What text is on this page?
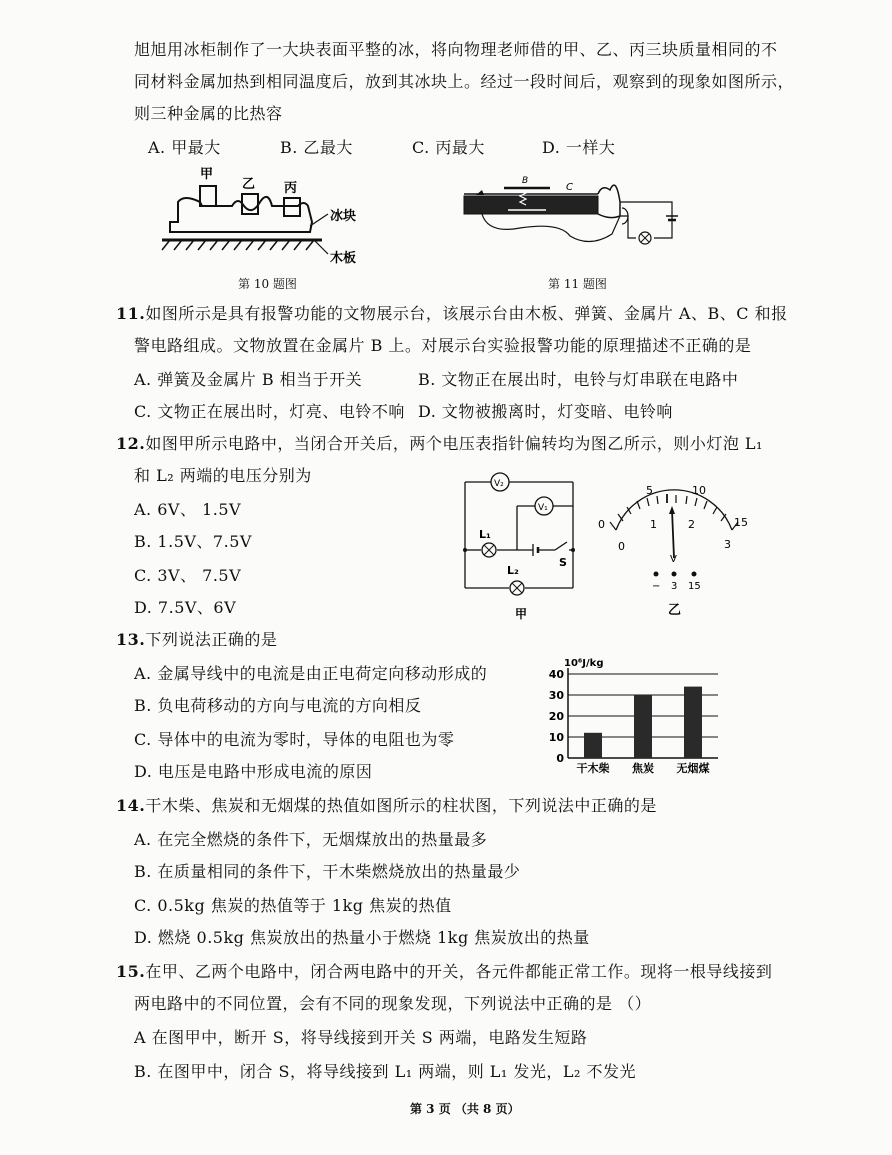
旭旭用冰柜制作了一大块表面平整的冰，将向物理老师借的甲、乙、丙三块质量相同的不
同材料金属加热到相同温度后，放到其冰块上。经过一段时间后，观察到的现象如图所示，
则三种金属的比热容
A. 甲最大	B. 乙最大	C. 丙最大	D. 一样大
甲
乙 丙
冰块
木板
第 10 题图
B
C
第 11 题图
11.如图所示是具有报警功能的文物展示台，该展示台由木板、弹簧、金属片 A、B、C 和报
警电路组成。文物放置在金属片 B 上。对展示台实验报警功能的原理描述不正确的是
A. 弹簧及金属片 B 相当于开关	B. 文物正在展出时，电铃与灯串联在电路中
C. 文物正在展出时，灯亮、电铃不响 D. 文物被搬离时，灯变暗、电铃响
12.如图甲所示电路中，当闭合开关后，两个电压表指针偏转均为图乙所示，则小灯泡 L₁
和 L₂ 两端的电压分别为
A. 6V、 1.5V
B. 1.5V、7.5V
C. 3V、 7.5V
D. 7.5V、6V
V₂
V₁
L₁
L₂
S
甲
5	10
0	15
0
1	2
3
V
− 3 15
乙
13.下列说法正确的是
A. 金属导线中的电流是由正电荷定向移动形成的
B. 负电荷移动的方向与电流的方向相反
C. 导体中的电流为零时，导体的电阻也为零
D. 电压是电路中形成电流的原因
10⁶J/kg
0
10
20
30
40
干木柴 焦炭 无烟煤
14.干木柴、焦炭和无烟煤的热值如图所示的柱状图，下列说法中正确的是
A. 在完全燃烧的条件下，无烟煤放出的热量最多
B. 在质量相同的条件下，干木柴燃烧放出的热量最少
C. 0.5kg 焦炭的热值等于 1kg 焦炭的热值
D. 燃烧 0.5kg 焦炭放出的热量小于燃烧 1kg 焦炭放出的热量
15.在甲、乙两个电路中，闭合两电路中的开关，各元件都能正常工作。现将一根导线接到
两电路中的不同位置，会有不同的现象发现，下列说法中正确的是 （）
A 在图甲中，断开 S，将导线接到开关 S 两端，电路发生短路
B. 在图甲中，闭合 S，将导线接到 L₁ 两端，则 L₁ 发光，L₂ 不发光
第 3 页 （共 8 页）
